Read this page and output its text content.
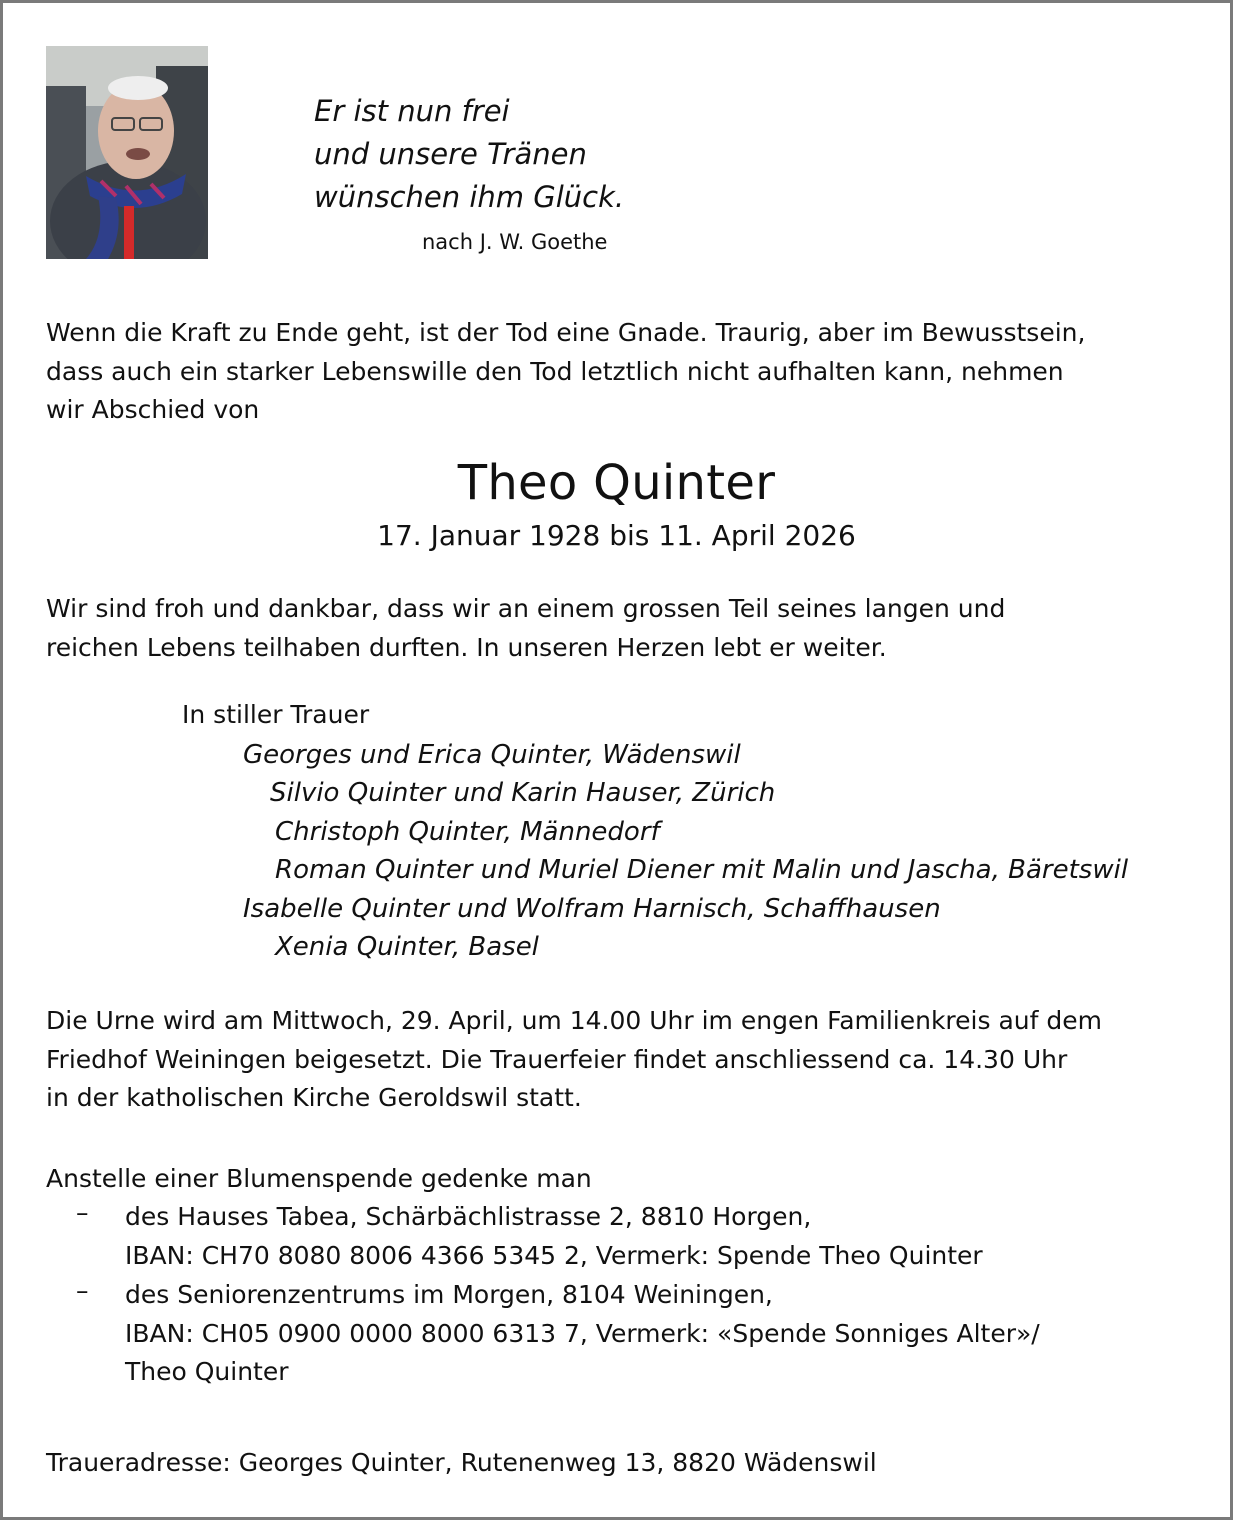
Er ist nun frei
und unsere Tränen
wünschen ihm Glück.
nach J. W. Goethe
Wenn die Kraft zu Ende geht, ist der Tod eine Gnade. Traurig, aber im Bewusstsein,
dass auch ein starker Lebenswille den Tod letztlich nicht aufhalten kann, nehmen
wir Abschied von
Theo Quinter
17. Januar 1928 bis 11. April 2026
Wir sind froh und dankbar, dass wir an einem grossen Teil seines langen und
reichen Lebens teilhaben durften. In unseren Herzen lebt er weiter.
In stiller Trauer
Georges und Erica Quinter, Wädenswil
Silvio Quinter und Karin Hauser, Zürich
Christoph Quinter, Männedorf
Roman Quinter und Muriel Diener mit Malin und Jascha, Bäretswil
Isabelle Quinter und Wolfram Harnisch, Schaffhausen
Xenia Quinter, Basel
Die Urne wird am Mittwoch, 29. April, um 14.00 Uhr im engen Familienkreis auf dem
Friedhof Weiningen beigesetzt. Die Trauerfeier findet anschliessend ca. 14.30 Uhr
in der katholischen Kirche Geroldswil statt.
Anstelle einer Blumenspende gedenke man
– des Hauses Tabea, Schärbächlistrasse 2, 8810 Horgen,
IBAN: CH70 8080 8006 4366 5345 2, Vermerk: Spende Theo Quinter
– des Seniorenzentrums im Morgen, 8104 Weiningen,
IBAN: CH05 0900 0000 8000 6313 7, Vermerk: «Spende Sonniges Alter»/
Theo Quinter
Traueradresse: Georges Quinter, Rutenenweg 13, 8820 Wädenswil
